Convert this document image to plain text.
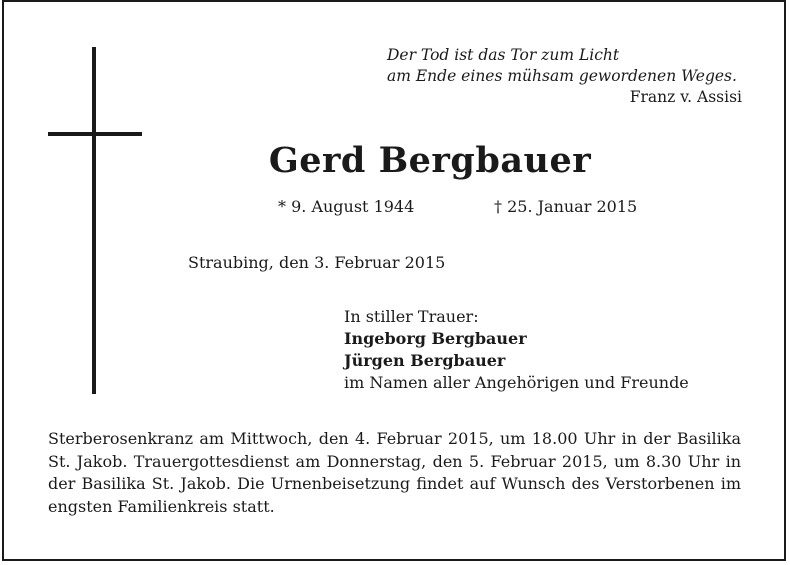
Der Tod ist das Tor zum Licht
am Ende eines mühsam gewordenen Weges.
Franz v. Assisi
Gerd Bergbauer
* 9. August 1944	† 25. Januar 2015
Straubing, den 3. Februar 2015
In stiller Trauer:
Ingeborg Bergbauer
Jürgen Bergbauer
im Namen aller Angehörigen und Freunde
Sterberosenkranz am Mittwoch, den 4. Februar 2015, um 18.00 Uhr in der Basilika St. Jakob. Trauergottesdienst am Donnerstag, den 5. Februar 2015, um 8.30 Uhr in der Basilika St. Jakob. Die Urnenbeisetzung findet auf Wunsch des Verstorbenen im engsten Familienkreis statt.
